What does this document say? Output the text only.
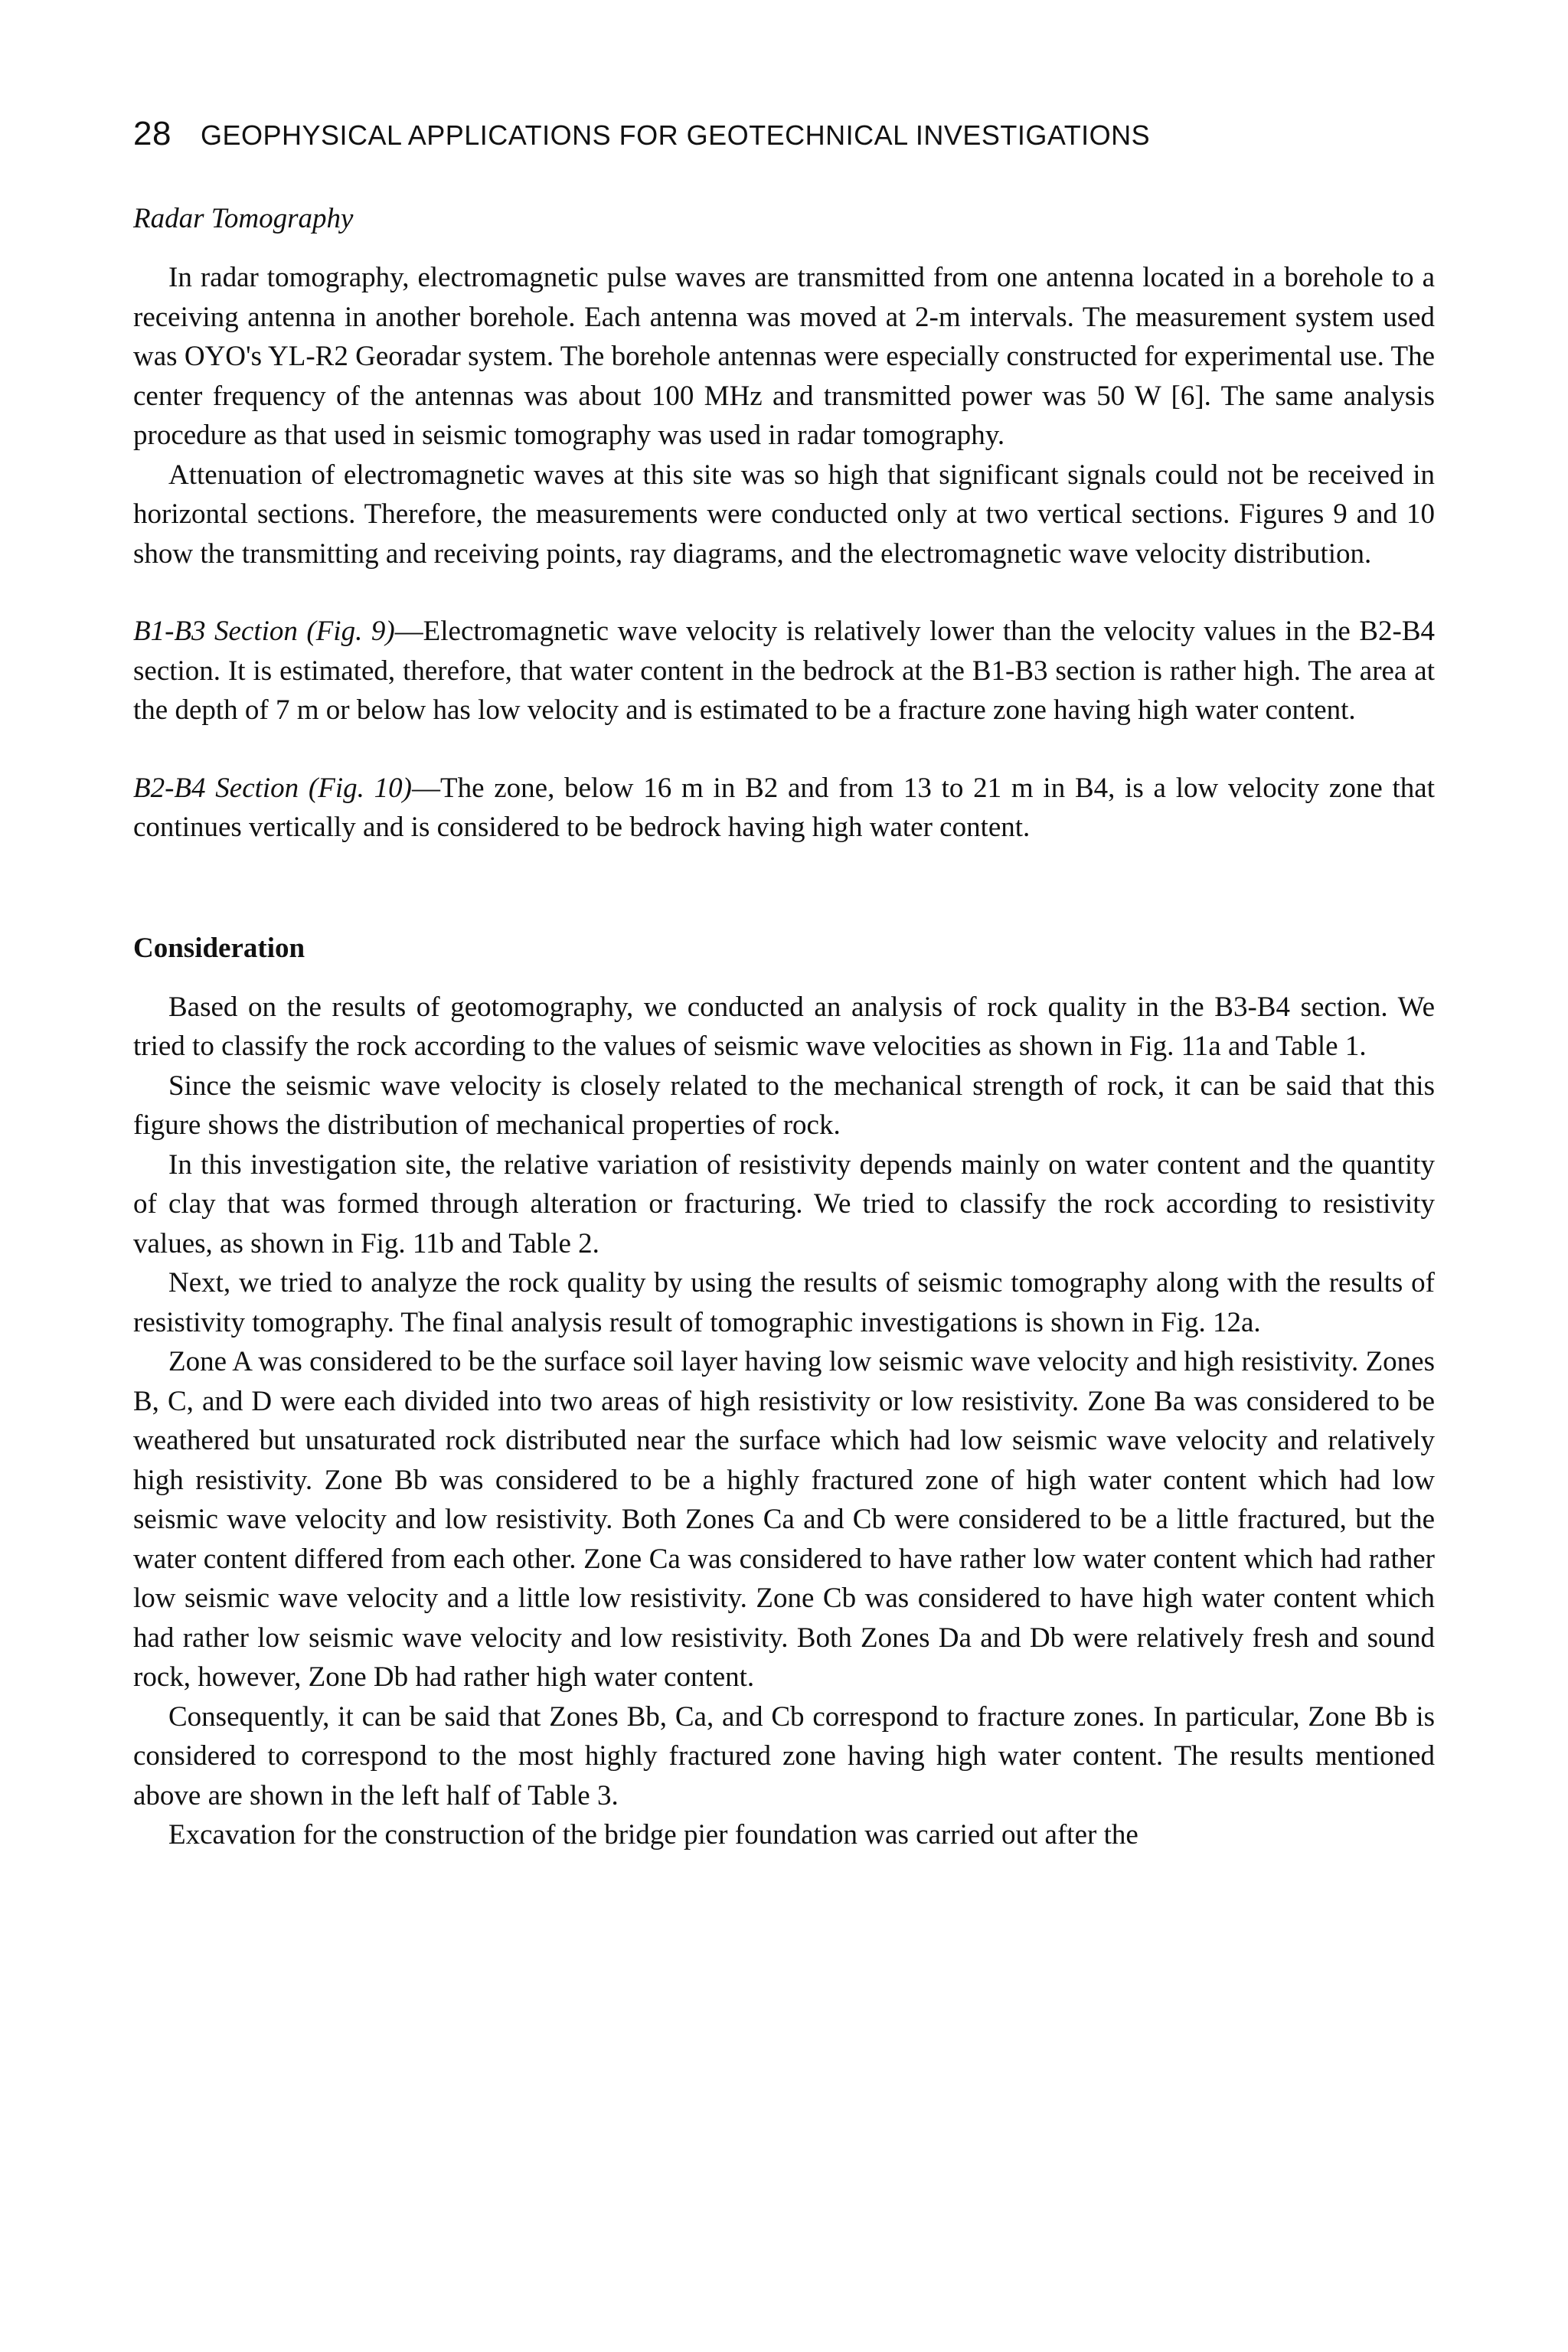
28 GEOPHYSICAL APPLICATIONS FOR GEOTECHNICAL INVESTIGATIONS
Radar Tomography

In radar tomography, electromagnetic pulse waves are transmitted from one antenna located in a borehole to a receiving antenna in another borehole. Each antenna was moved at 2-m intervals. The measurement system used was OYO's YL-R2 Georadar system. The borehole antennas were especially constructed for experimental use. The center frequency of the antennas was about 100 MHz and transmitted power was 50 W [6]. The same analysis procedure as that used in seismic tomography was used in radar tomography.

Attenuation of electromagnetic waves at this site was so high that significant signals could not be received in horizontal sections. Therefore, the measurements were conducted only at two vertical sections. Figures 9 and 10 show the transmitting and receiving points, ray diagrams, and the electromagnetic wave velocity distribution.

B1-B3 Section (Fig. 9)—Electromagnetic wave velocity is relatively lower than the velocity values in the B2-B4 section. It is estimated, therefore, that water content in the bedrock at the B1-B3 section is rather high. The area at the depth of 7 m or below has low velocity and is estimated to be a fracture zone having high water content.

B2-B4 Section (Fig. 10)—The zone, below 16 m in B2 and from 13 to 21 m in B4, is a low velocity zone that continues vertically and is considered to be bedrock having high water content.

Consideration

Based on the results of geotomography, we conducted an analysis of rock quality in the B3-B4 section. We tried to classify the rock according to the values of seismic wave velocities as shown in Fig. 11a and Table 1.

Since the seismic wave velocity is closely related to the mechanical strength of rock, it can be said that this figure shows the distribution of mechanical properties of rock.

In this investigation site, the relative variation of resistivity depends mainly on water content and the quantity of clay that was formed through alteration or fracturing. We tried to classify the rock according to resistivity values, as shown in Fig. 11b and Table 2.

Next, we tried to analyze the rock quality by using the results of seismic tomography along with the results of resistivity tomography. The final analysis result of tomographic investigations is shown in Fig. 12a.

Zone A was considered to be the surface soil layer having low seismic wave velocity and high resistivity. Zones B, C, and D were each divided into two areas of high resistivity or low resistivity. Zone Ba was considered to be weathered but unsaturated rock distributed near the surface which had low seismic wave velocity and relatively high resistivity. Zone Bb was considered to be a highly fractured zone of high water content which had low seismic wave velocity and low resistivity. Both Zones Ca and Cb were considered to be a little fractured, but the water content differed from each other. Zone Ca was considered to have rather low water content which had rather low seismic wave velocity and a little low resistivity. Zone Cb was considered to have high water content which had rather low seismic wave velocity and low resistivity. Both Zones Da and Db were relatively fresh and sound rock, however, Zone Db had rather high water content.

Consequently, it can be said that Zones Bb, Ca, and Cb correspond to fracture zones. In particular, Zone Bb is considered to correspond to the most highly fractured zone having high water content. The results mentioned above are shown in the left half of Table 3.

Excavation for the construction of the bridge pier foundation was carried out after the
